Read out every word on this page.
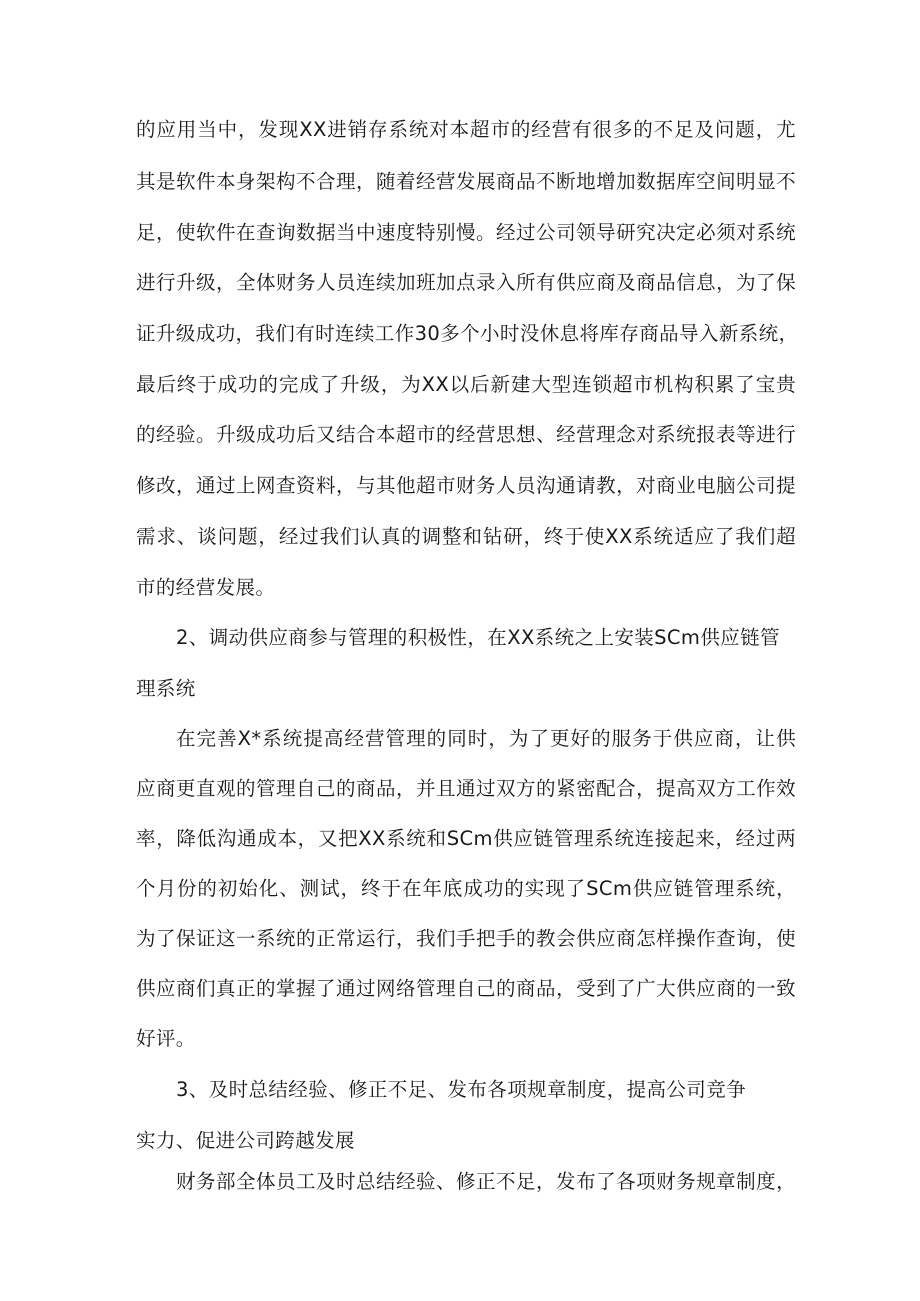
的应用当中，发现XX进销存系统对本超市的经营有很多的不足及问题，尤
其是软件本身架构不合理，随着经营发展商品不断地增加数据库空间明显不
足，使软件在查询数据当中速度特别慢。经过公司领导研究决定必须对系统
进行升级，全体财务人员连续加班加点录入所有供应商及商品信息，为了保
证升级成功，我们有时连续工作30多个小时没休息将库存商品导入新系统，
最后终于成功的完成了升级，为XX以后新建大型连锁超市机构积累了宝贵
的经验。升级成功后又结合本超市的经营思想、经营理念对系统报表等进行
修改，通过上网查资料，与其他超市财务人员沟通请教，对商业电脑公司提
需求、谈问题，经过我们认真的调整和钻研，终于使XX系统适应了我们超
市的经营发展。
2、调动供应商参与管理的积极性，在XX系统之上安装SCm供应链管
理系统
在完善X*系统提高经营管理的同时，为了更好的服务于供应商，让供
应商更直观的管理自己的商品，并且通过双方的紧密配合，提高双方工作效
率，降低沟通成本，又把XX系统和SCm供应链管理系统连接起来，经过两
个月份的初始化、测试，终于在年底成功的实现了SCm供应链管理系统，
为了保证这一系统的正常运行，我们手把手的教会供应商怎样操作查询，使
供应商们真正的掌握了通过网络管理自己的商品，受到了广大供应商的一致
好评。
3、及时总结经验、修正不足、发布各项规章制度，提高公司竞争
实力、促进公司跨越发展
财务部全体员工及时总结经验、修正不足，发布了各项财务规章制度，
